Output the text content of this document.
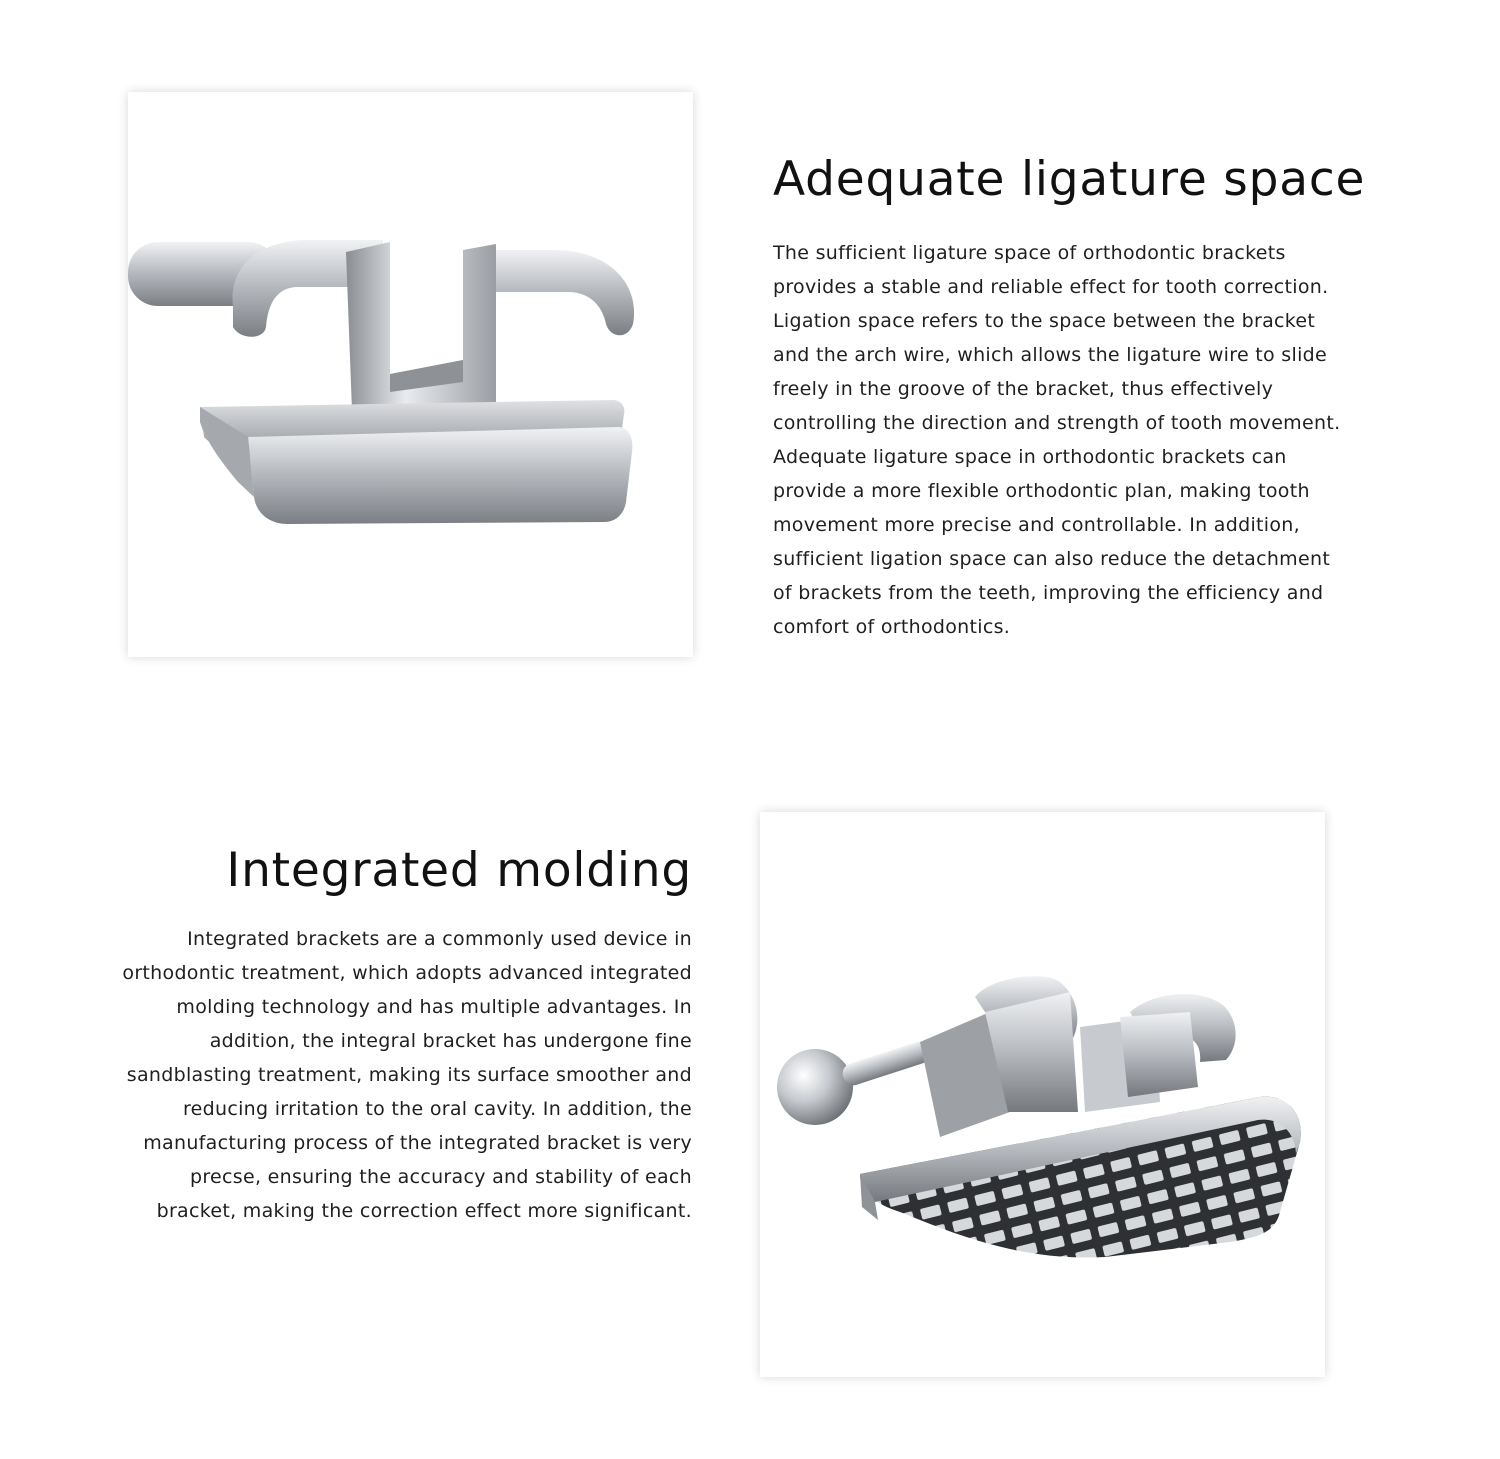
Adequate ligature space
The sufficient ligature space of orthodontic brackets
provides a stable and reliable effect for tooth correction.
Ligation space refers to the space between the bracket
and the arch wire, which allows the ligature wire to slide
freely in the groove of the bracket, thus effectively
controlling the direction and strength of tooth movement.
Adequate ligature space in orthodontic brackets can
provide a more flexible orthodontic plan, making tooth
movement more precise and controllable. In addition,
sufficient ligation space can also reduce the detachment
of brackets from the teeth, improving the efficiency and
comfort of orthodontics.
Integrated molding
Integrated brackets are a commonly used device in
orthodontic treatment, which adopts advanced integrated
molding technology and has multiple advantages. In
addition, the integral bracket has undergone fine
sandblasting treatment, making its surface smoother and
reducing irritation to the oral cavity. In addition, the
manufacturing process of the integrated bracket is very
precse, ensuring the accuracy and stability of each
bracket, making the correction effect more significant.
